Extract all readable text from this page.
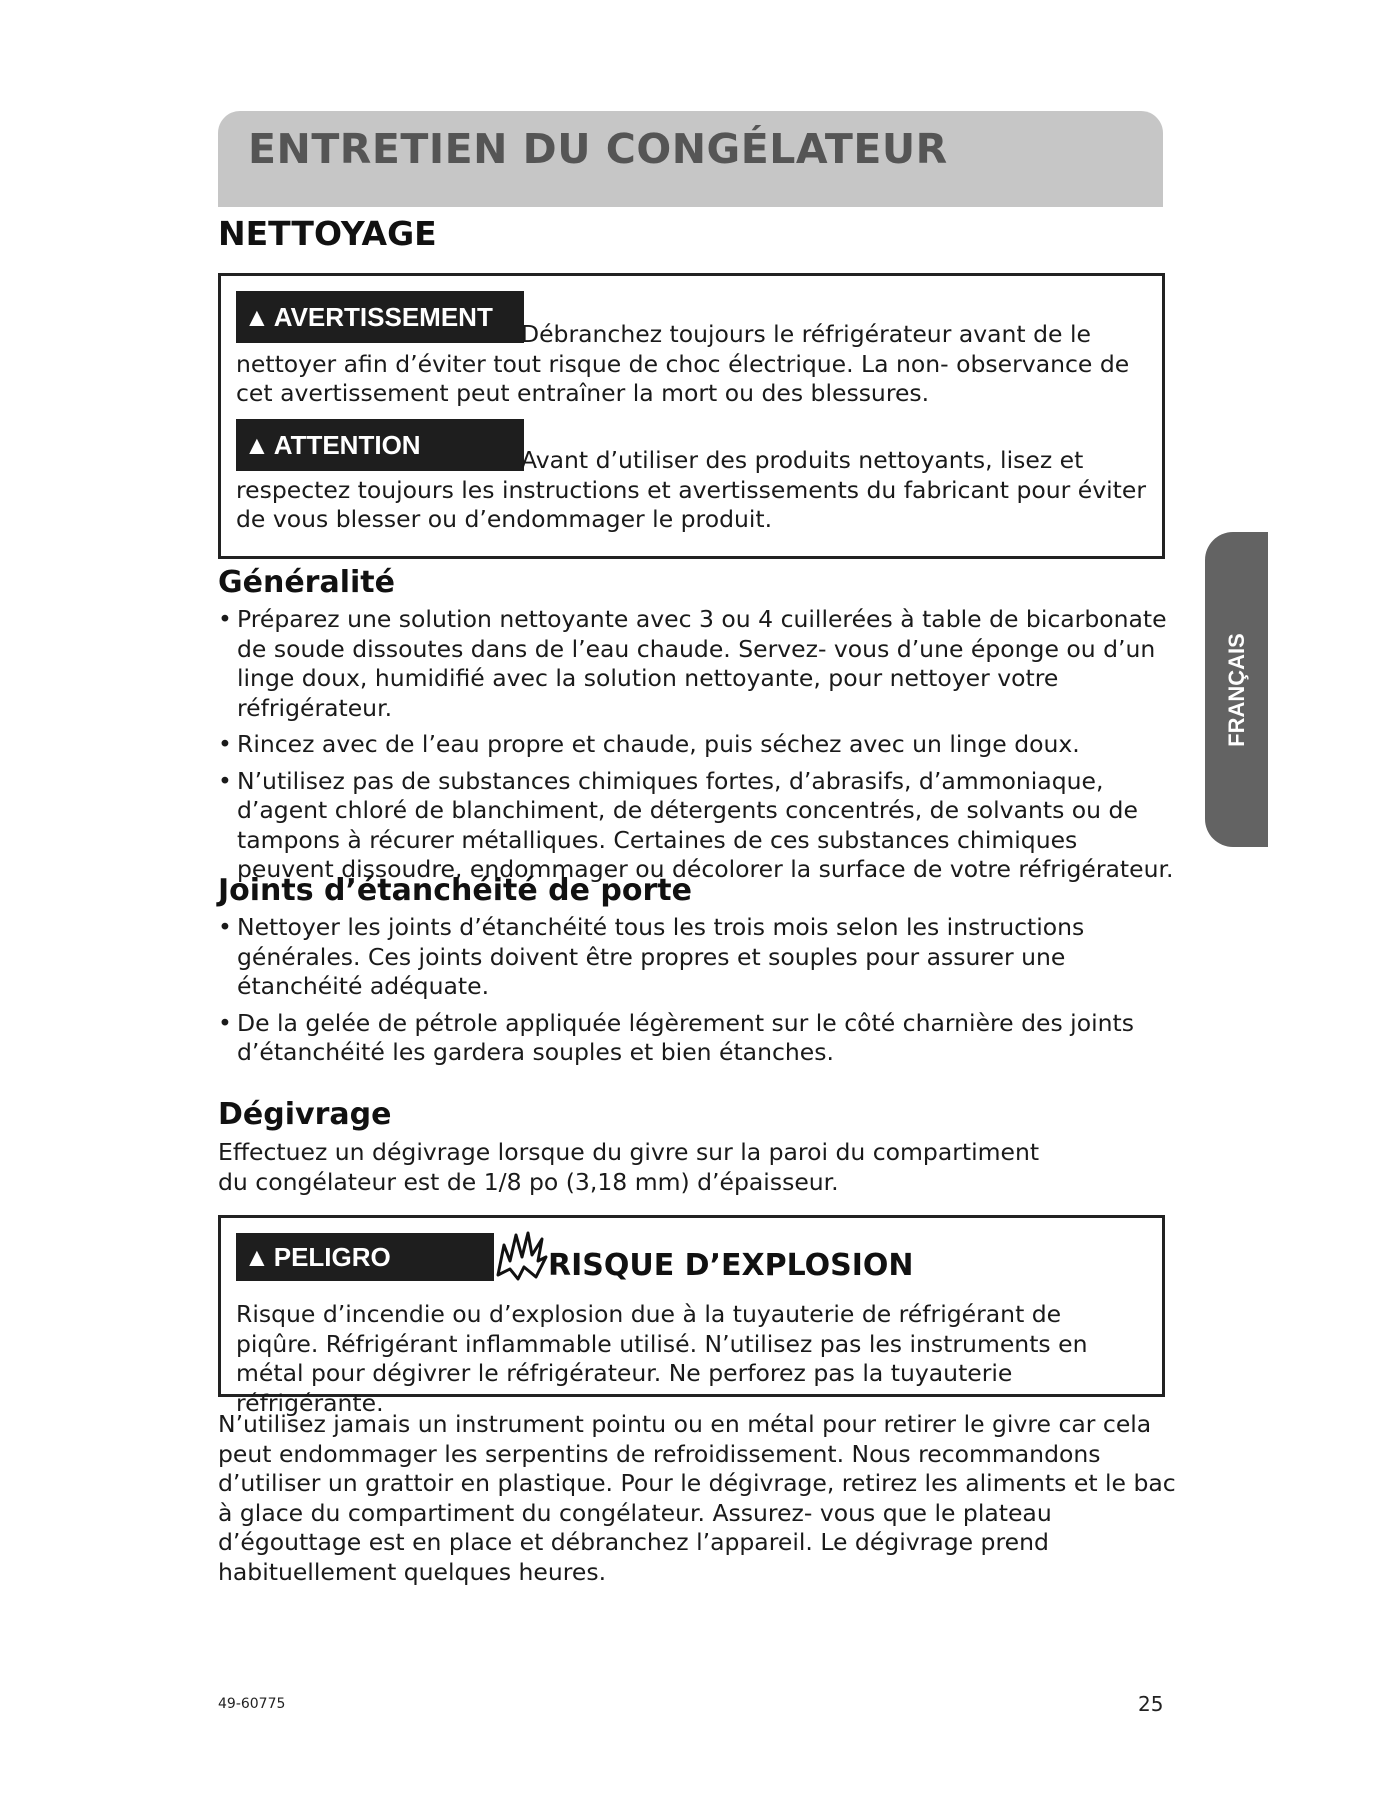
ENTRETIEN DU CONGÉLATEUR
NETTOYAGE
▲ AVERTISSEMENT

Débranchez toujours le réfrigérateur avant de le nettoyer afin d’éviter tout risque de choc électrique. La non- observance de cet avertissement peut entraîner la mort ou des blessures.

▲ ATTENTION

Avant d’utiliser des produits nettoyants, lisez et respectez toujours les instructions et avertissements du fabricant pour éviter de vous blesser ou d’endommager le produit.

Généralité
• Préparez une solution nettoyante avec 3 ou 4 cuillerées à table de bicarbonate de soude dissoutes dans de l’eau chaude. Servez- vous d’une éponge ou d’un linge doux, humidifié avec la solution nettoyante, pour nettoyer votre réfrigérateur.
• Rincez avec de l’eau propre et chaude, puis séchez avec un linge doux.
• N’utilisez pas de substances chimiques fortes, d’abrasifs, d’ammoniaque, d’agent chloré de blanchiment, de détergents concentrés, de solvants ou de tampons à récurer métalliques. Certaines de ces substances chimiques peuvent dissoudre, endommager ou décolorer la surface de votre réfrigérateur.
Joints d’étanchéité de porte
• Nettoyer les joints d’étanchéité tous les trois mois selon les instructions générales. Ces joints doivent être propres et souples pour assurer une étanchéité adéquate.
• De la gelée de pétrole appliquée légèrement sur le côté charnière des joints d’étanchéité les gardera souples et bien étanches.
Dégivrage

Effectuez un dégivrage lorsque du givre sur la paroi du compartiment du congélateur est de 1/8 po (3,18 mm) d’épaisseur.

▲ PELIGRO

Risque d’incendie ou d’explosion due à la tuyauterie de réfrigérant de piqûre. Réfrigérant inflammable utilisé. N’utilisez pas les instruments en métal pour dégivrer le réfrigérateur. Ne perforez pas la tuyauterie réfrigérante.

RISQUE D’EXPLOSION

N’utilisez jamais un instrument pointu ou en métal pour retirer le givre car cela peut endommager les serpentins de refroidissement. Nous recommandons d’utiliser un grattoir en plastique. Pour le dégivrage, retirez les aliments et le bac à glace du compartiment du congélateur. Assurez- vous que le plateau d’égouttage est en place et débranchez l’appareil. Le dégivrage prend habituellement quelques heures.

FRANÇAIS
49-60775	25
